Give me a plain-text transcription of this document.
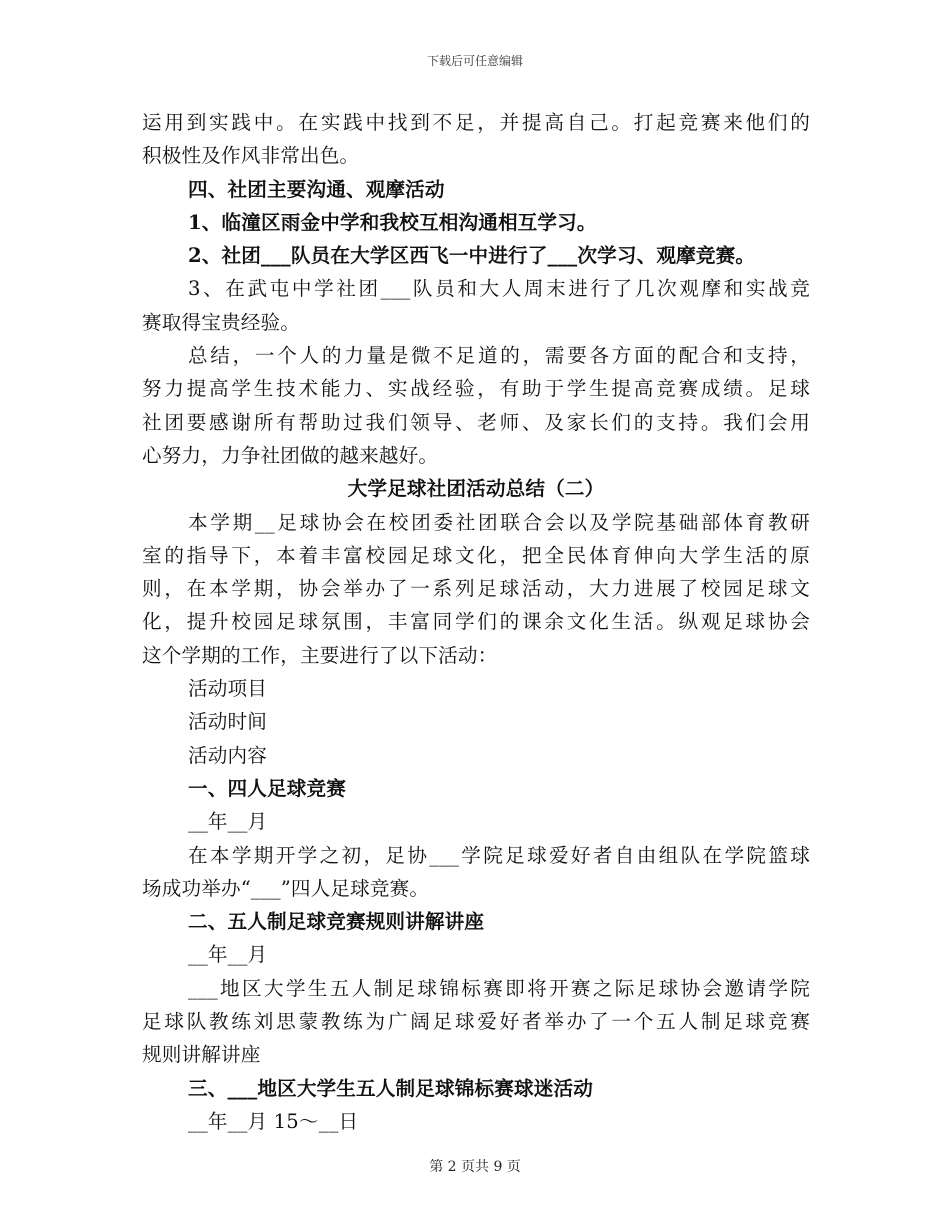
下载后可任意编辑
运用到实践中。在实践中找到不足，并提高自己。打起竞赛来他们的
积极性及作风非常出色。
四、社团主要沟通、观摩活动
1、临潼区雨金中学和我校互相沟通相互学习。
2、社团___队员在大学区西飞一中进行了___次学习、观摩竞赛。
3、在武屯中学社团___队员和大人周末进行了几次观摩和实战竞
赛取得宝贵经验。
总结，一个人的力量是微不足道的，需要各方面的配合和支持，
努力提高学生技术能力、实战经验，有助于学生提高竞赛成绩。足球
社团要感谢所有帮助过我们领导、老师、及家长们的支持。我们会用
心努力，力争社团做的越来越好。
大学足球社团活动总结（二）
本学期__足球协会在校团委社团联合会以及学院基础部体育教研
室的指导下，本着丰富校园足球文化，把全民体育伸向大学生活的原
则，在本学期，协会举办了一系列足球活动，大力进展了校园足球文
化，提升校园足球氛围，丰富同学们的课余文化生活。纵观足球协会
这个学期的工作，主要进行了以下活动：
活动项目
活动时间
活动内容
一、四人足球竞赛
__年__月
在本学期开学之初，足协___学院足球爱好者自由组队在学院篮球
场成功举办“___”四人足球竞赛。
二、五人制足球竞赛规则讲解讲座
__年__月
___地区大学生五人制足球锦标赛即将开赛之际足球协会邀请学院
足球队教练刘思蒙教练为广阔足球爱好者举办了一个五人制足球竞赛
规则讲解讲座
三、___地区大学生五人制足球锦标赛球迷活动
__年__月 15～__日
第 2 页共 9 页
